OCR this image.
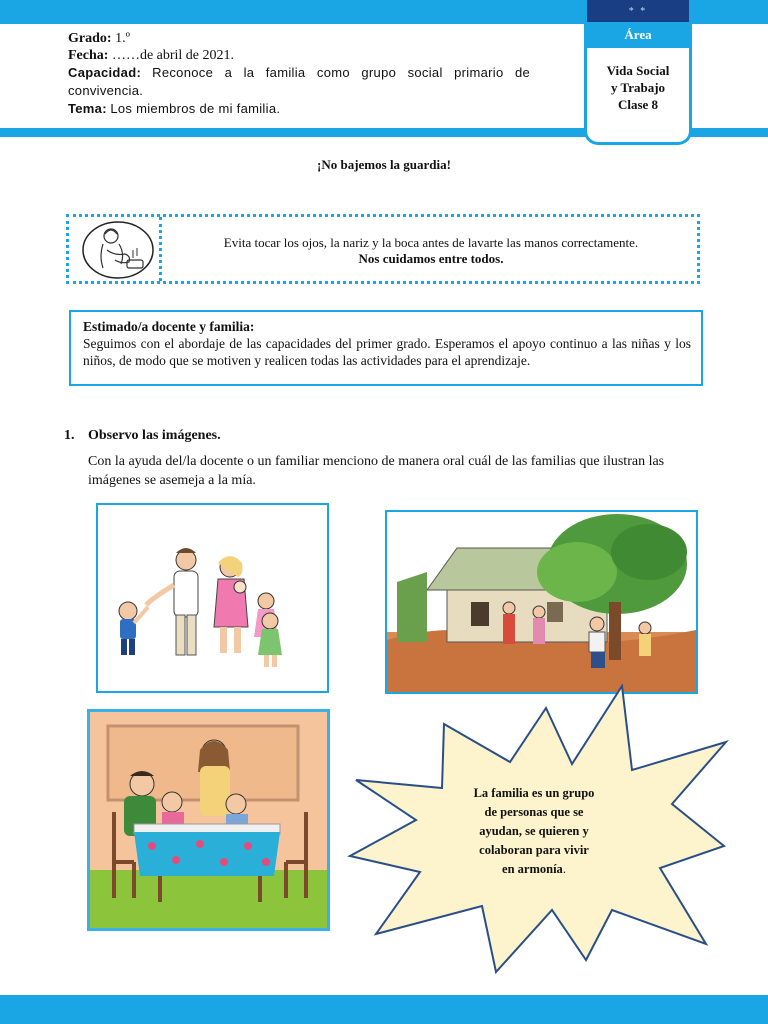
Grado: 1.º

Fecha: ……de abril de 2021.

Capacidad: Reconoce a la familia como grupo social primario de convivencia.

Tema: Los miembros de mi familia.

* *
Área
Vida Social
y Trabajo
Clase 8
¡No bajemos la guardia!
Evita tocar los ojos, la nariz y la boca antes de lavarte las manos correctamente.
Nos cuidamos entre todos.
Estimado/a docente y familia:
Seguimos con el abordaje de las capacidades del primer grado. Esperamos el apoyo continuo a las niñas y los niños, de modo que se motiven y realicen todas las actividades para el aprendizaje.
1. Observo las imágenes.
Con la ayuda del/la docente o un familiar menciono de manera oral cuál de las familias que ilustran las imágenes se asemeja a la mía.
La familia es un grupo
de personas que se
ayudan, se quieren y
colaboran para vivir
en armonía.
